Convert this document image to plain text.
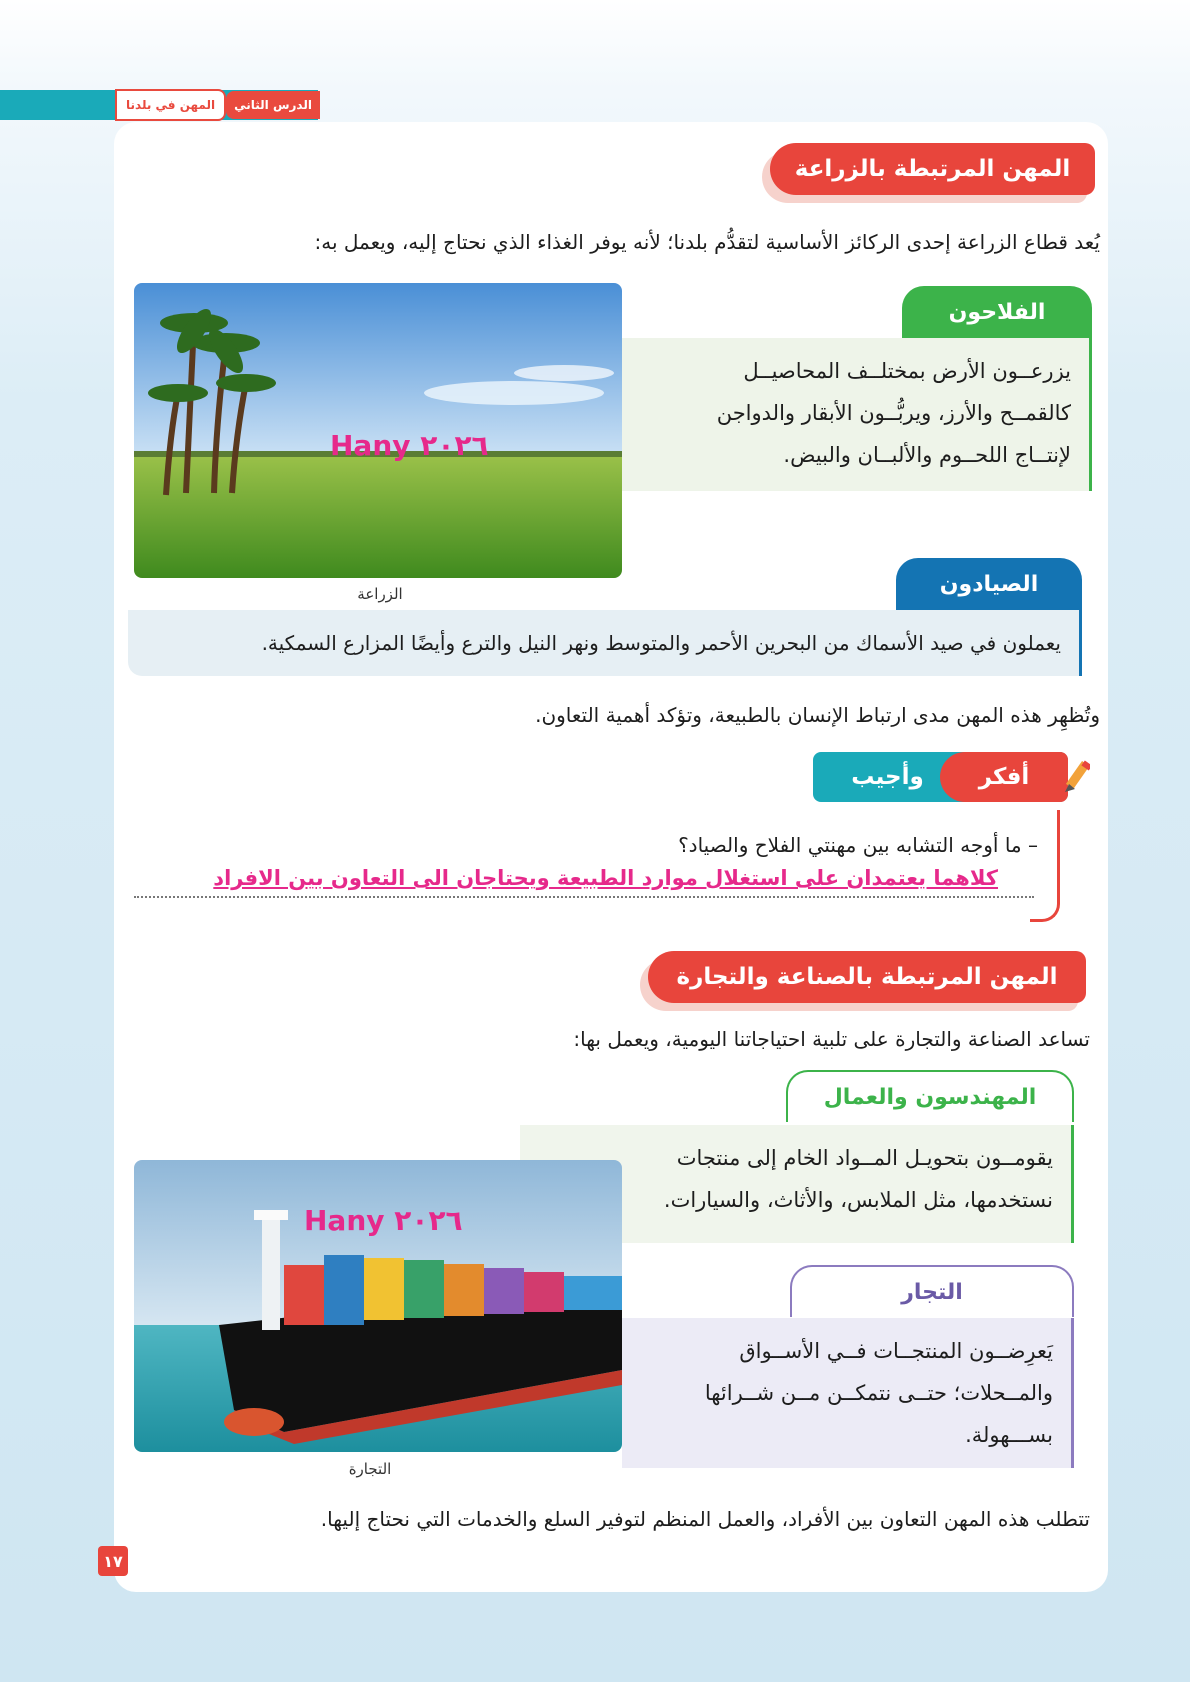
الدرس الثاني
المهن في بلدنا
المهن المرتبطة بالزراعة
يُعد قطاع الزراعة إحدى الركائز الأساسية لتقدُّم بلدنا؛ لأنه يوفر الغذاء الذي نحتاج إليه، ويعمل به:
Hany ٢٠٢٦
الزراعة
الفلاحون
يزرعــون الأرض بمختلــف المحاصيــل
كالقمــح والأرز، ويربُّــون الأبقار والدواجن
لإنتــاج اللحــوم والألبــان والبيض.
الصيادون
يعملون في صيد الأسماك من البحرين الأحمر والمتوسط ونهر النيل والترع وأيضًا المزارع السمكية.
وتُظهِر هذه المهن مدى ارتباط الإنسان بالطبيعة، وتؤكد أهمية التعاون.
أفكر
وأجيب
– ما أوجه التشابه بين مهنتي الفلاح والصياد؟
كلاهما يعتمدان على استغلال موارد الطبيعة ويحتاجان الى التعاون بين الافراد
المهن المرتبطة بالصناعة والتجارة
تساعد الصناعة والتجارة على تلبية احتياجاتنا اليومية، ويعمل بها:
المهندسون والعمال
يقومــون بتحويـل المــواد الخام إلى منتجات
نستخدمها، مثل الملابس، والأثاث، والسيارات.
Hany ٢٠٢٦
التجارة
التجار
يَعرِضــون المنتجــات فــي الأســواق
والمــحلات؛ حتــى نتمكــن مــن شــرائها
بســـهولة.
تتطلب هذه المهن التعاون بين الأفراد، والعمل المنظم لتوفير السلع والخدمات التي نحتاج إليها.
١٧
